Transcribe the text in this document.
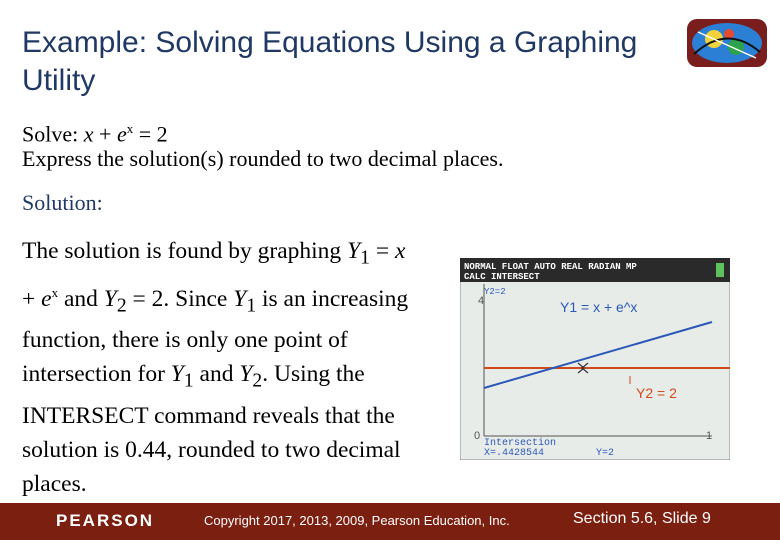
Example: Solving Equations Using a Graphing Utility
Solve: $x + e^x = 2$
Express the solution(s) rounded to two decimal places.
Solution:
The solution is found by graphing $Y_1 = x + e^x$ and $Y_2 = 2$. Since $Y_1$ is an increasing function, there is only one point of intersection for $Y_1$ and $Y_2$. Using the INTERSECT command reveals that the solution is 0.44, rounded to two decimal places.
NORMAL FLOAT AUTO REAL RADIAN MP
CALC INTERSECT
Y2=2
4	Y1 = x + e^x
Y2 = 2
0	1
Intersection
X=.4428544	Y=2
PEARSON	Copyright 2017, 2013, 2009, Pearson Education, Inc.	Section 5.6, Slide 9
